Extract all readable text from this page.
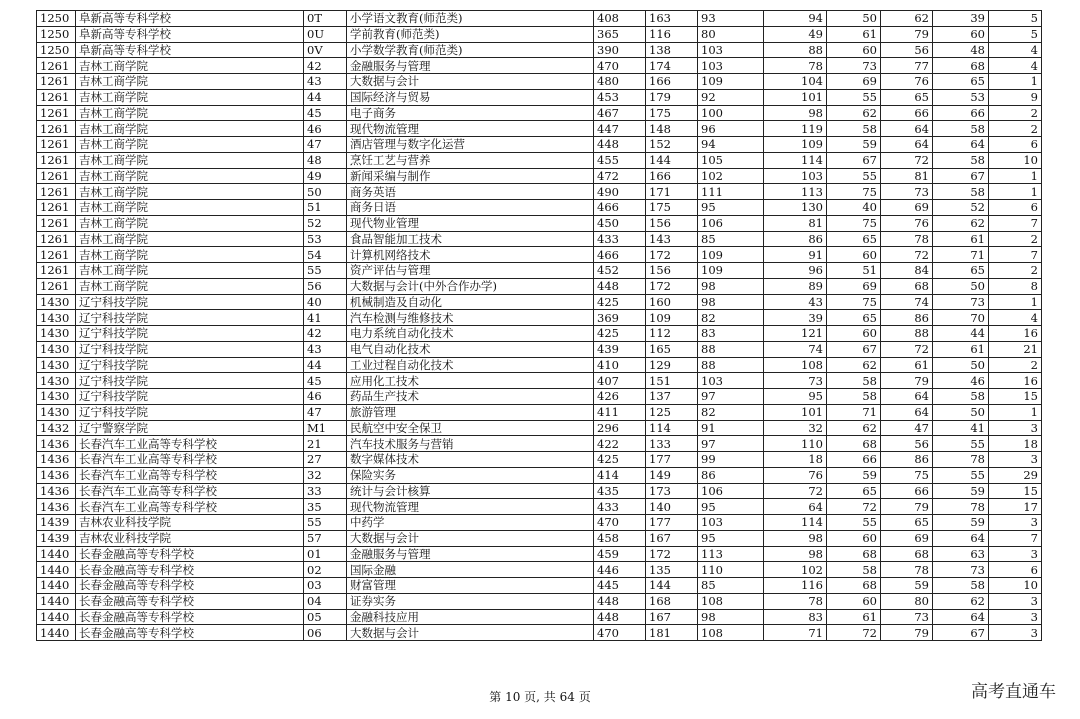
1250	阜新高等专科学校	0T	小学语文教育(师范类)	408	163	93	94	50	62	39	5
1250	阜新高等专科学校	0U	学前教育(师范类)	365	116	80	49	61	79	60	5
1250	阜新高等专科学校	0V	小学数学教育(师范类)	390	138	103	88	60	56	48	4
1261	吉林工商学院	42	金融服务与管理	470	174	103	78	73	77	68	4
1261	吉林工商学院	43	大数据与会计	480	166	109	104	69	76	65	1
1261	吉林工商学院	44	国际经济与贸易	453	179	92	101	55	65	53	9
1261	吉林工商学院	45	电子商务	467	175	100	98	62	66	66	2
1261	吉林工商学院	46	现代物流管理	447	148	96	119	58	64	58	2
1261	吉林工商学院	47	酒店管理与数字化运营	448	152	94	109	59	64	64	6
1261	吉林工商学院	48	烹饪工艺与营养	455	144	105	114	67	72	58	10
1261	吉林工商学院	49	新闻采编与制作	472	166	102	103	55	81	67	1
1261	吉林工商学院	50	商务英语	490	171	111	113	75	73	58	1
1261	吉林工商学院	51	商务日语	466	175	95	130	40	69	52	6
1261	吉林工商学院	52	现代物业管理	450	156	106	81	75	76	62	7
1261	吉林工商学院	53	食品智能加工技术	433	143	85	86	65	78	61	2
1261	吉林工商学院	54	计算机网络技术	466	172	109	91	60	72	71	7
1261	吉林工商学院	55	资产评估与管理	452	156	109	96	51	84	65	2
1261	吉林工商学院	56	大数据与会计(中外合作办学)	448	172	98	89	69	68	50	8
1430	辽宁科技学院	40	机械制造及自动化	425	160	98	43	75	74	73	1
1430	辽宁科技学院	41	汽车检测与维修技术	369	109	82	39	65	86	70	4
1430	辽宁科技学院	42	电力系统自动化技术	425	112	83	121	60	88	44	16
1430	辽宁科技学院	43	电气自动化技术	439	165	88	74	67	72	61	21
1430	辽宁科技学院	44	工业过程自动化技术	410	129	88	108	62	61	50	2
1430	辽宁科技学院	45	应用化工技术	407	151	103	73	58	79	46	16
1430	辽宁科技学院	46	药品生产技术	426	137	97	95	58	64	58	15
1430	辽宁科技学院	47	旅游管理	411	125	82	101	71	64	50	1
1432	辽宁警察学院	M1	民航空中安全保卫	296	114	91	32	62	47	41	3
1436	长春汽车工业高等专科学校	21	汽车技术服务与营销	422	133	97	110	68	56	55	18
1436	长春汽车工业高等专科学校	27	数字媒体技术	425	177	99	18	66	86	78	3
1436	长春汽车工业高等专科学校	32	保险实务	414	149	86	76	59	75	55	29
1436	长春汽车工业高等专科学校	33	统计与会计核算	435	173	106	72	65	66	59	15
1436	长春汽车工业高等专科学校	35	现代物流管理	433	140	95	64	72	79	78	17
1439	吉林农业科技学院	55	中药学	470	177	103	114	55	65	59	3
1439	吉林农业科技学院	57	大数据与会计	458	167	95	98	60	69	64	7
1440	长春金融高等专科学校	01	金融服务与管理	459	172	113	98	68	68	63	3
1440	长春金融高等专科学校	02	国际金融	446	135	110	102	58	78	73	6
1440	长春金融高等专科学校	03	财富管理	445	144	85	116	68	59	58	10
1440	长春金融高等专科学校	04	证券实务	448	168	108	78	60	80	62	3
1440	长春金融高等专科学校	05	金融科技应用	448	167	98	83	61	73	64	3
1440	长春金融高等专科学校	06	大数据与会计	470	181	108	71	72	79	67	3
第 10 页, 共 64 页	高考直通车
